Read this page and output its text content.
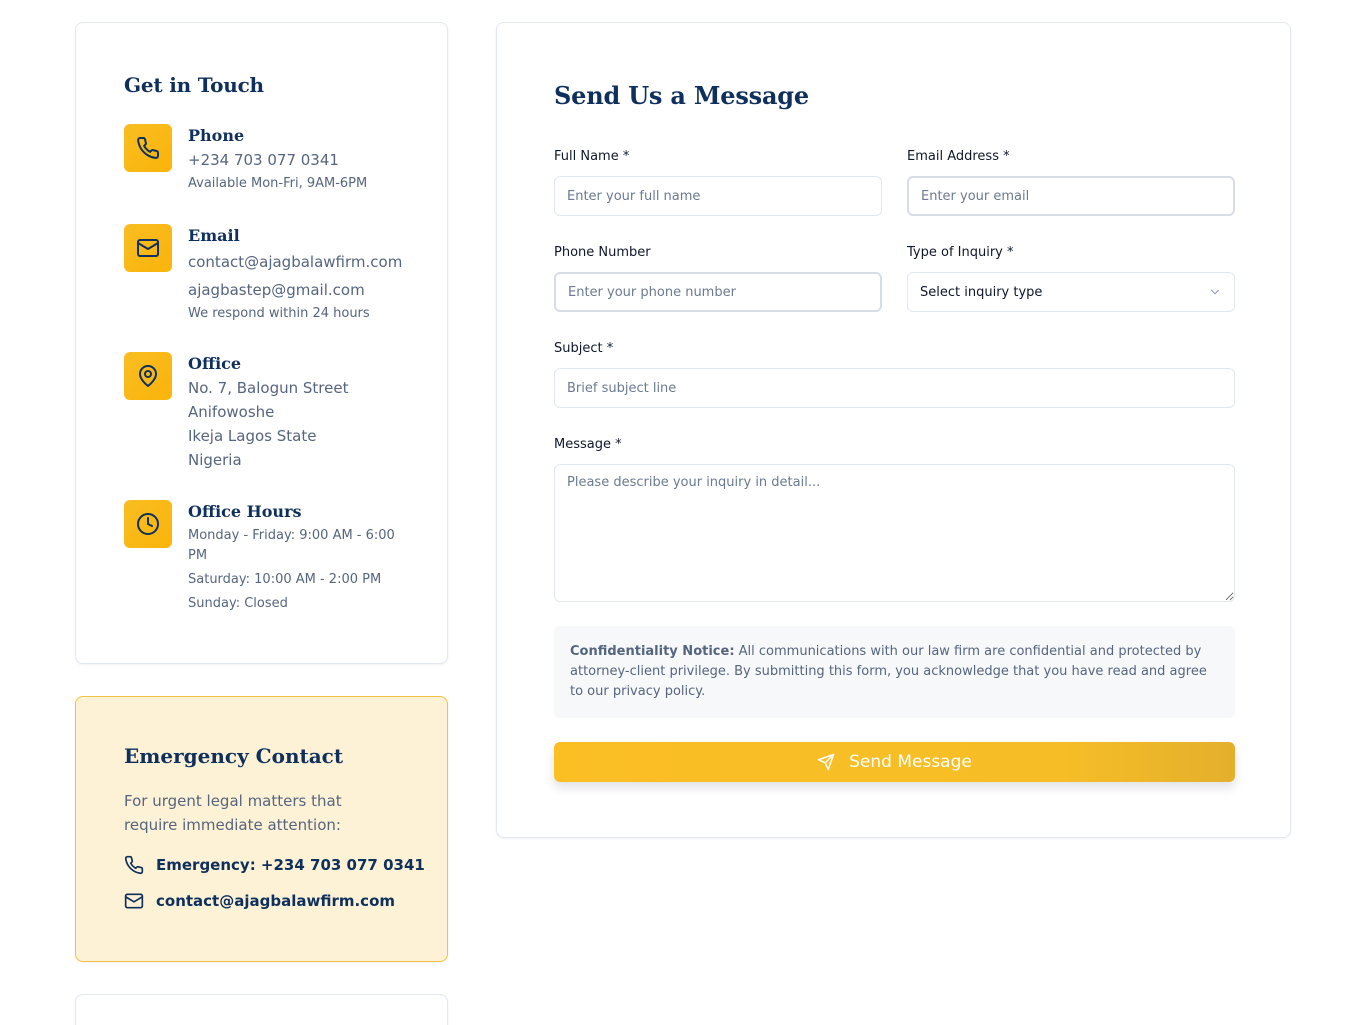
Get in Touch
Phone
+234 703 077 0341
Available Mon-Fri, 9AM-6PM
Email
contact@ajagbalawfirm.com
ajagbastep@gmail.com
We respond within 24 hours
Office
No. 7, Balogun Street
Anifowoshe
Ikeja Lagos State
Nigeria
Office Hours
Monday - Friday: 9:00 AM - 6:00 PM
Saturday: 10:00 AM - 2:00 PM
Sunday: Closed
Emergency Contact

For urgent legal matters that require immediate attention:

Emergency: +234 703 077 0341
contact@ajagbalawfirm.com
Send Us a Message
Full Name *
Enter your full name	Email Address *
Enter your email
Phone Number
Enter your phone number	Type of Inquiry *
Select inquiry type
Subject *
Brief subject line
Message *
Please describe your inquiry in detail...
Confidentiality Notice: All communications with our law firm are confidential and protected by attorney-client privilege. By submitting this form, you acknowledge that you have read and agree to our privacy policy.
Send Message
